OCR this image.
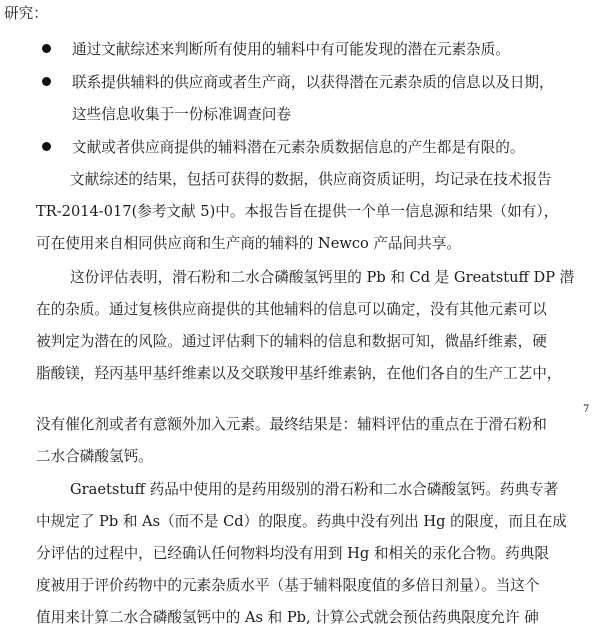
研究：
通过文献综述来判断所有使用的辅料中有可能发现的潜在元素杂质。
联系提供辅料的供应商或者生产商，以获得潜在元素杂质的信息以及日期，
这些信息收集于一份标准调查问卷
文献或者供应商提供的辅料潜在元素杂质数据信息的产生都是有限的。
文献综述的结果，包括可获得的数据，供应商资质证明，均记录在技术报告
TR-2014-017(参考文献 5)中。本报告旨在提供一个单一信息源和结果（如有），
可在使用来自相同供应商和生产商的辅料的 Newco 产品间共享。
这份评估表明，滑石粉和二水合磷酸氢钙里的 Pb 和 Cd 是 Greatstuff DP 潜
在的杂质。通过复核供应商提供的其他辅料的信息可以确定，没有其他元素可以
被判定为潜在的风险。通过评估剩下的辅料的信息和数据可知，微晶纤维素，硬
脂酸镁，羟丙基甲基纤维素以及交联羧甲基纤维素钠，在他们各自的生产工艺中，
7
没有催化剂或者有意额外加入元素。最终结果是：辅料评估的重点在于滑石粉和
二水合磷酸氢钙。
Graetstuff 药品中使用的是药用级别的滑石粉和二水合磷酸氢钙。药典专著
中规定了 Pb 和 As（而不是 Cd）的限度。药典中没有列出 Hg 的限度，而且在成
分评估的过程中，已经确认任何物料均没有用到 Hg 和相关的汞化合物。药典限
度被用于评价药物中的元素杂质水平（基于辅料限度值的多倍日剂量）。当这个
值用来计算二水合磷酸氢钙中的 As 和 Pb, 计算公式就会预估药典限度允许 砷
